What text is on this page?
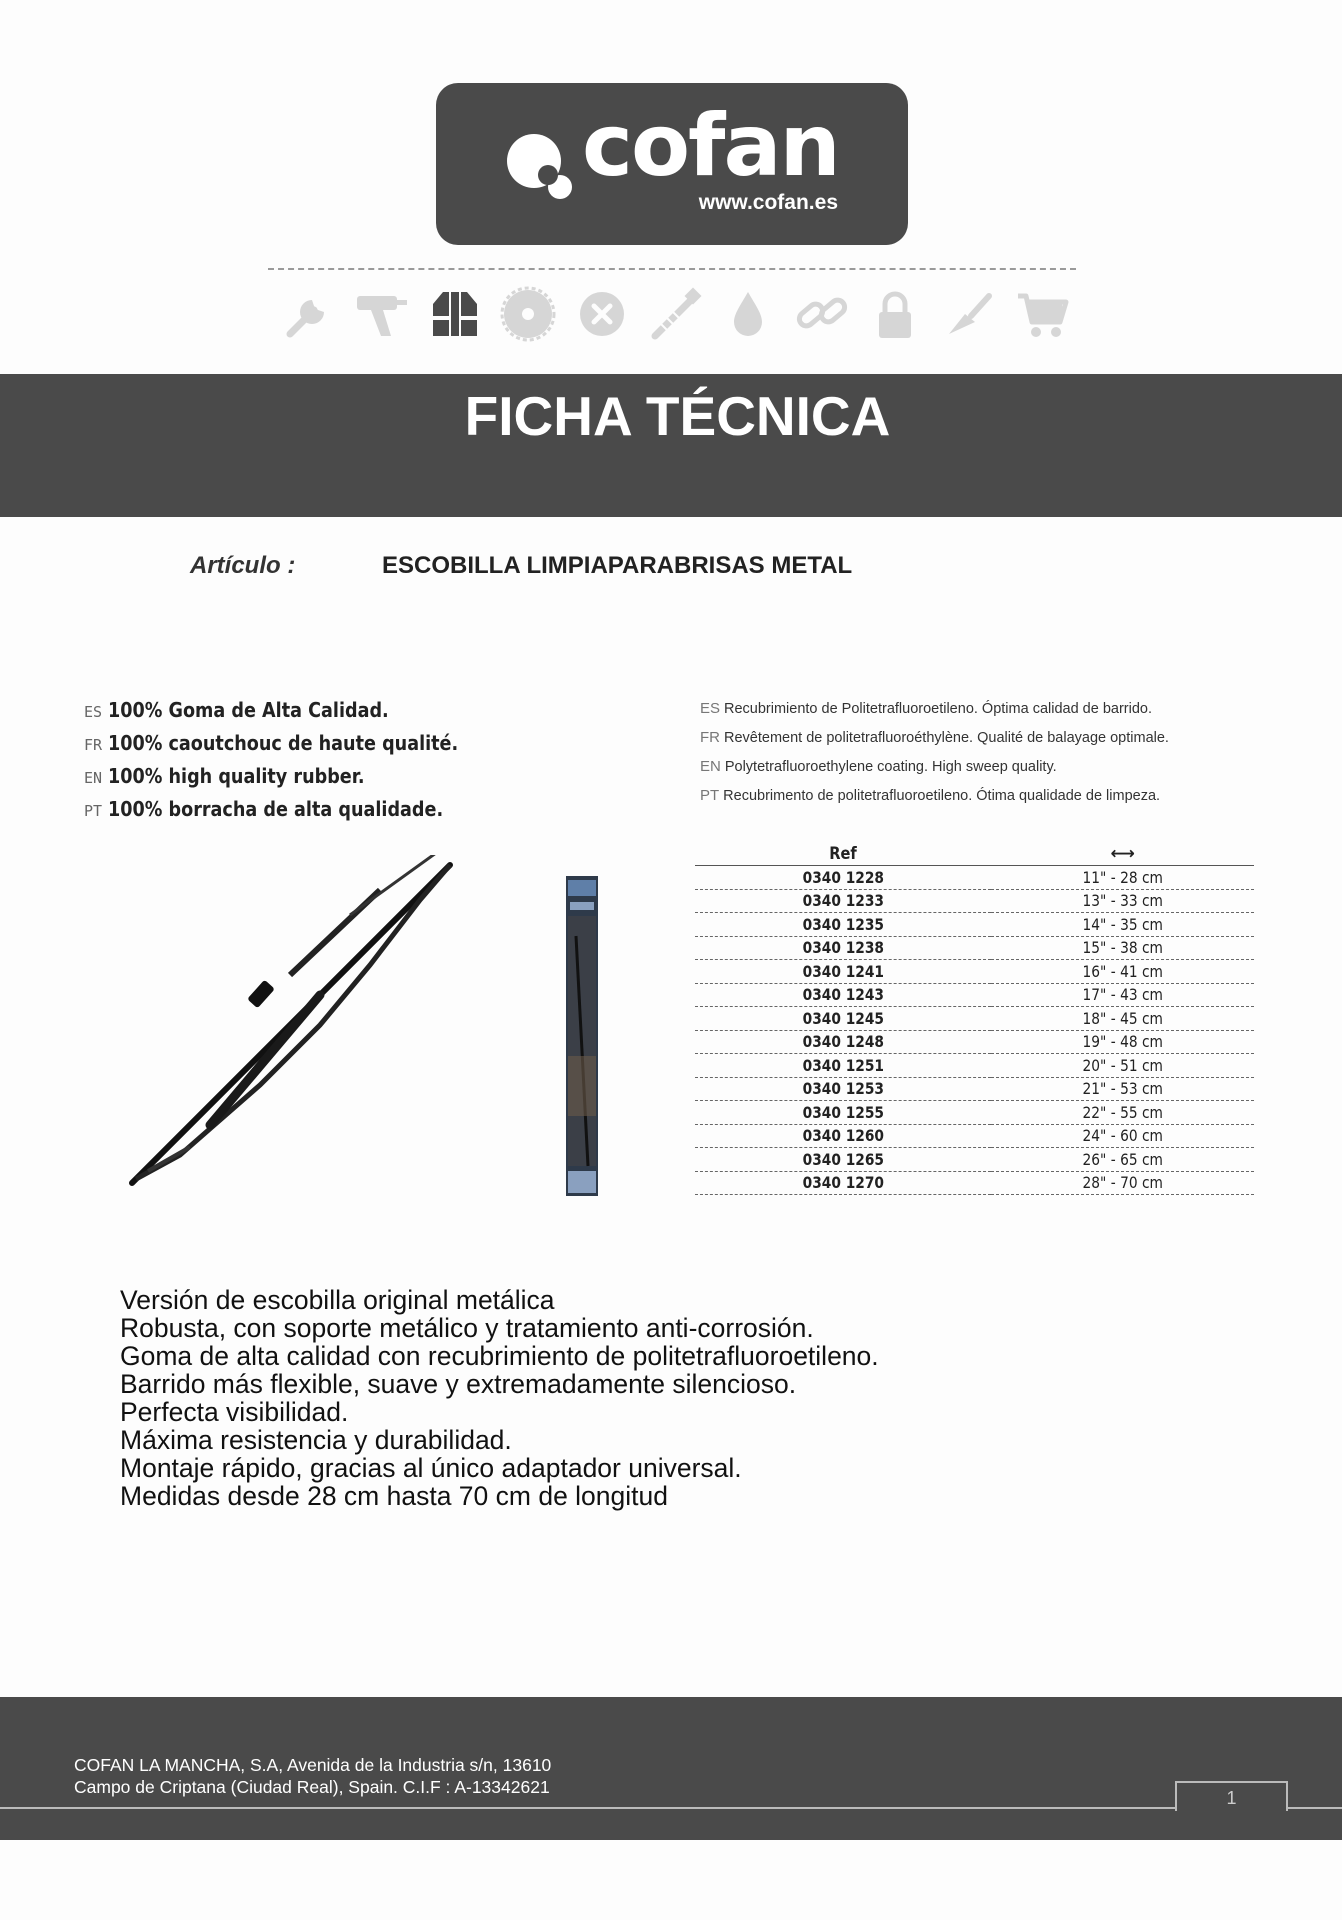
cofan
www.cofan.es
FICHA TÉCNICA
Artículo :	ESCOBILLA LIMPIAPARABRISAS METAL
ES 100% Goma de Alta Calidad.
FR 100% caoutchouc de haute qualité.
EN 100% high quality rubber.
PT 100% borracha de alta qualidade.
ES Recubrimiento de Politetrafluoroetileno. Óptima calidad de barrido.
FR Revêtement de politetrafluoroéthylène. Qualité de balayage optimale.
EN Polytetrafluoroethylene coating. High sweep quality.
PT Recubrimento de politetrafluoroetileno. Ótima qualidade de limpeza.
Ref	⟷
0340 1228	11" - 28 cm
0340 1233	13" - 33 cm
0340 1235	14" - 35 cm
0340 1238	15" - 38 cm
0340 1241	16" - 41 cm
0340 1243	17" - 43 cm
0340 1245	18" - 45 cm
0340 1248	19" - 48 cm
0340 1251	20" - 51 cm
0340 1253	21" - 53 cm
0340 1255	22" - 55 cm
0340 1260	24" - 60 cm
0340 1265	26" - 65 cm
0340 1270	28" - 70 cm
Versión de escobilla original metálica
Robusta, con soporte metálico y tratamiento anti-corrosión.
Goma de alta calidad con recubrimiento de politetrafluoroetileno.
Barrido más flexible, suave y extremadamente silencioso.
Perfecta visibilidad.
Máxima resistencia y durabilidad.
Montaje rápido, gracias al único adaptador universal.
Medidas desde 28 cm hasta 70 cm de longitud
COFAN LA MANCHA, S.A, Avenida de la Industria s/n, 13610
Campo de Criptana (Ciudad Real), Spain. C.I.F : A-13342621
1
